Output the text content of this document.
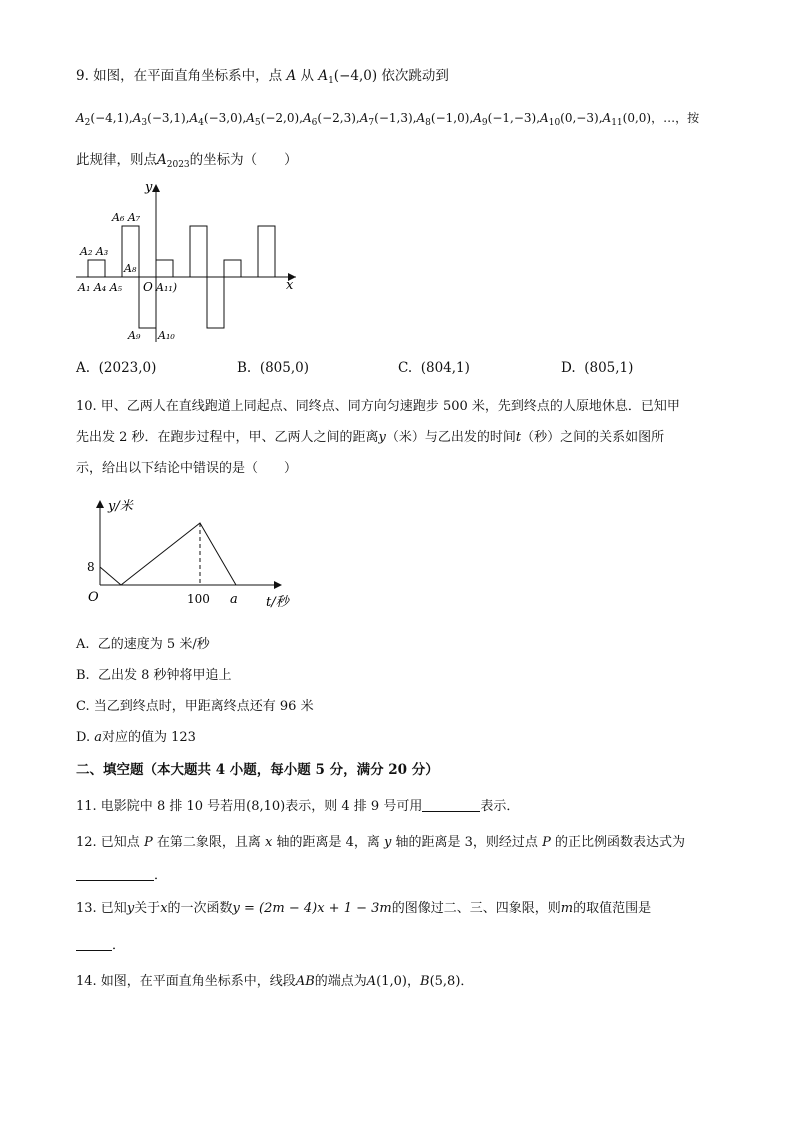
9. 如图，在平面直角坐标系中，点 A 从 $A_1(-4,0)$ 依次跳动到
$A_2(-4,1),A_3(-3,1),A_4(-3,0),A_5(-2,0),A_6(-2,3),A_7(-1,3),A_8(-1,0),A_9(-1,-3),A_{10}(0,-3),A_{11}(0,0)$，…，按
此规律，则点$A_{2023}$的坐标为（　　）
y
x
A₂ A₃
A₆ A₇
A₈
A₁ A₄ A₅ O A₁₁)
A₉ A₁₀
A. (2023,0)	B. (805,0)	C. (804,1)	D. (805,1)
10. 甲、乙两人在直线跑道上同起点、同终点、同方向匀速跑步 500 米，先到终点的人原地休息．已知甲
先出发 2 秒．在跑步过程中，甲、乙两人之间的距离y（米）与乙出发的时间t（秒）之间的关系如图所
示，给出以下结论中错误的是（　　）
y/米
8
O	100 a t/秒
A. 乙的速度为 5 米/秒
B. 乙出发 8 秒钟将甲追上
C. 当乙到终点时，甲距离终点还有 96 米
D. a对应的值为 123
二、填空题（本大题共 4 小题，每小题 5 分，满分 20 分）
11. 电影院中 8 排 10 号若用(8,10)表示，则 4 排 9 号可用	表示．
12. 已知点 P 在第二象限，且离 x 轴的距离是 4，离 y 轴的距离是 3，则经过点 P 的正比例函数表达式为
．
13. 已知y关于x的一次函数y = (2m − 4)x + 1 − 3m的图像过二、三、四象限，则m的取值范围是
．
14. 如图，在平面直角坐标系中，线段AB的端点为A(1,0)，B(5,8)．
